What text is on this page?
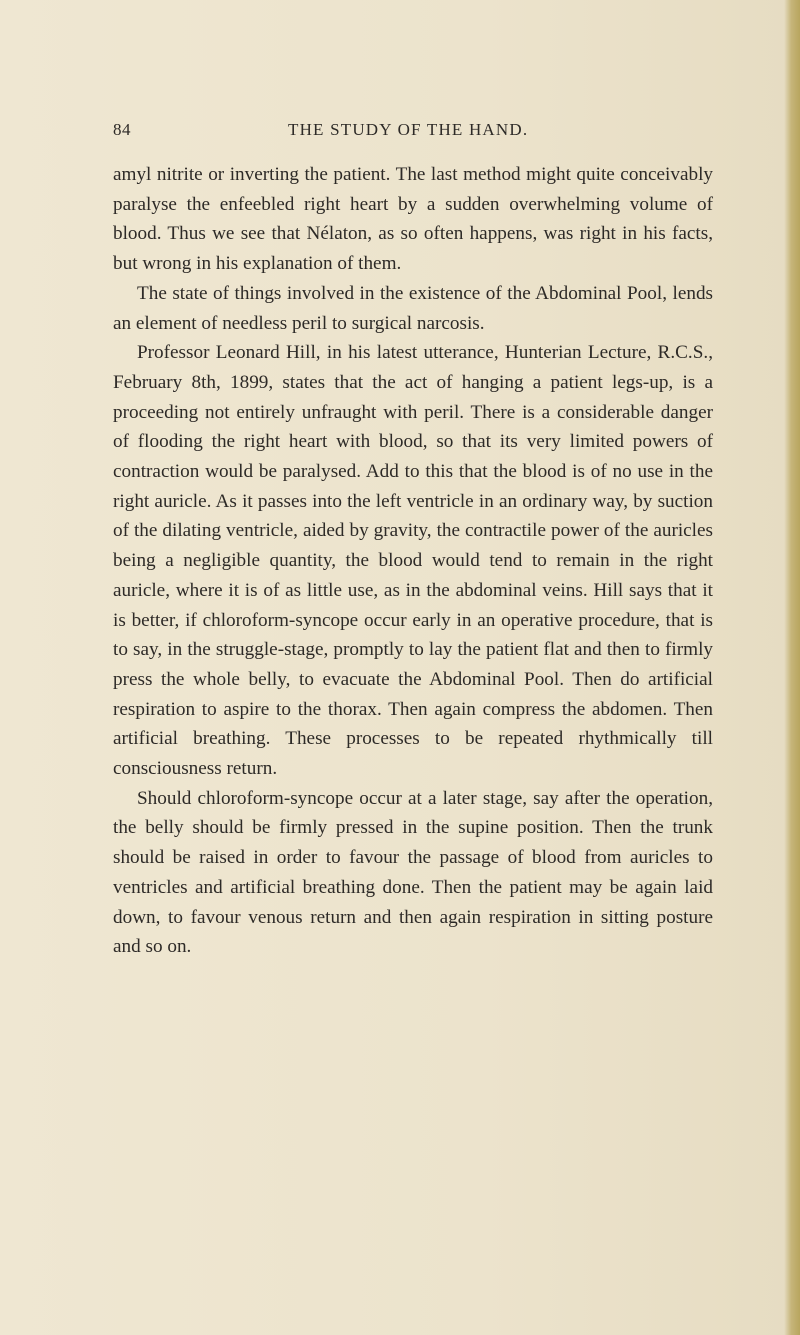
84	THE STUDY OF THE HAND.

amyl nitrite or inverting the patient. The last method might quite conceivably paralyse the enfeebled right heart by a sudden overwhelming volume of blood. Thus we see that Nélaton, as so often happens, was right in his facts, but wrong in his explanation of them.

The state of things involved in the existence of the Abdominal Pool, lends an element of needless peril to surgical narcosis.

Professor Leonard Hill, in his latest utterance, Hunterian Lecture, R.C.S., February 8th, 1899, states that the act of hanging a patient legs-up, is a proceeding not entirely unfraught with peril. There is a considerable danger of flooding the right heart with blood, so that its very limited powers of contraction would be paralysed. Add to this that the blood is of no use in the right auricle. As it passes into the left ventricle in an ordinary way, by suction of the dilating ventricle, aided by gravity, the contractile power of the auricles being a negligible quantity, the blood would tend to remain in the right auricle, where it is of as little use, as in the abdominal veins. Hill says that it is better, if chloroform-syncope occur early in an operative procedure, that is to say, in the struggle-stage, promptly to lay the patient flat and then to firmly press the whole belly, to evacuate the Abdominal Pool. Then do artificial respiration to aspire to the thorax. Then again compress the abdomen. Then artificial breathing. These processes to be repeated rhythmically till consciousness return.

Should chloroform-syncope occur at a later stage, say after the operation, the belly should be firmly pressed in the supine position. Then the trunk should be raised in order to favour the passage of blood from auricles to ventricles and artificial breathing done. Then the patient may be again laid down, to favour venous return and then again respiration in sitting posture and so on.
